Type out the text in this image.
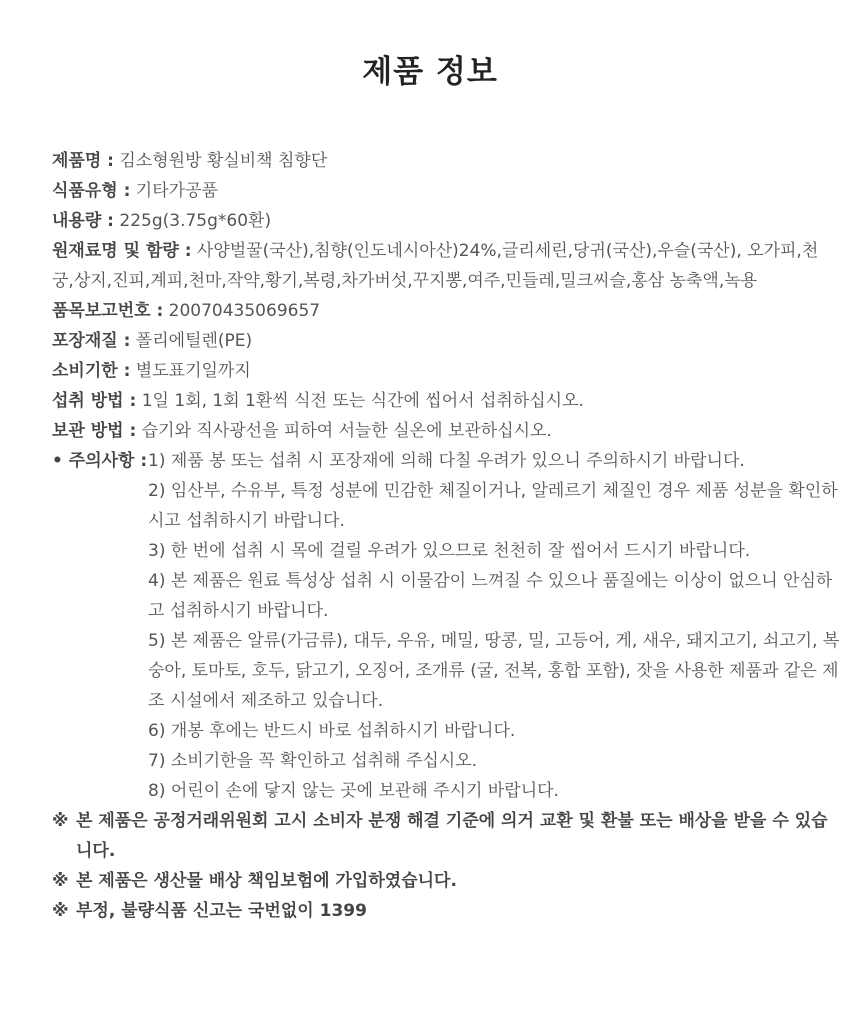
제품 정보
제품명 : 김소형원방 황실비책 침향단
식품유형 : 기타가공품
내용량 : 225g(3.75g*60환)
원재료명 및 함량 : 사양벌꿀(국산),침향(인도네시아산)24%,글리세린,당귀(국산),우슬(국산), 오가피,천궁,상지,진피,계피,천마,작약,황기,복령,차가버섯,꾸지뽕,여주,민들레,밀크씨슬,홍삼 농축액,녹용
품목보고번호 : 20070435069657
포장재질 : 폴리에틸렌(PE)
소비기한 : 별도표기일까지
섭취 방법 : 1일 1회, 1회 1환씩 식전 또는 식간에 씹어서 섭취하십시오.
보관 방법 : 습기와 직사광선을 피하여 서늘한 실온에 보관하십시오.
• 주의사항 : 1) 제품 봉 또는 섭취 시 포장재에 의해 다칠 우려가 있으니 주의하시기 바랍니다.
2) 임산부, 수유부, 특정 성분에 민감한 체질이거나, 알레르기 체질인 경우 제품 성분을 확인하시고 섭취하시기 바랍니다.
3) 한 번에 섭취 시 목에 걸릴 우려가 있으므로 천천히 잘 씹어서 드시기 바랍니다.
4) 본 제품은 원료 특성상 섭취 시 이물감이 느껴질 수 있으나 품질에는 이상이 없으니 안심하고 섭취하시기 바랍니다.
5) 본 제품은 알류(가금류), 대두, 우유, 메밀, 땅콩, 밀, 고등어, 게, 새우, 돼지고기, 쇠고기, 복숭아, 토마토, 호두, 닭고기, 오징어, 조개류 (굴, 전복, 홍합 포함), 잣을 사용한 제품과 같은 제조 시설에서 제조하고 있습니다.
6) 개봉 후에는 반드시 바로 섭취하시기 바랍니다.
7) 소비기한을 꼭 확인하고 섭취해 주십시오.
8) 어린이 손에 닿지 않는 곳에 보관해 주시기 바랍니다.
※ 본 제품은 공정거래위원회 고시 소비자 분쟁 해결 기준에 의거 교환 및 환불 또는 배상을 받을 수 있습니다.
※ 본 제품은 생산물 배상 책임보험에 가입하였습니다.
※ 부정, 불량식품 신고는 국번없이 1399
